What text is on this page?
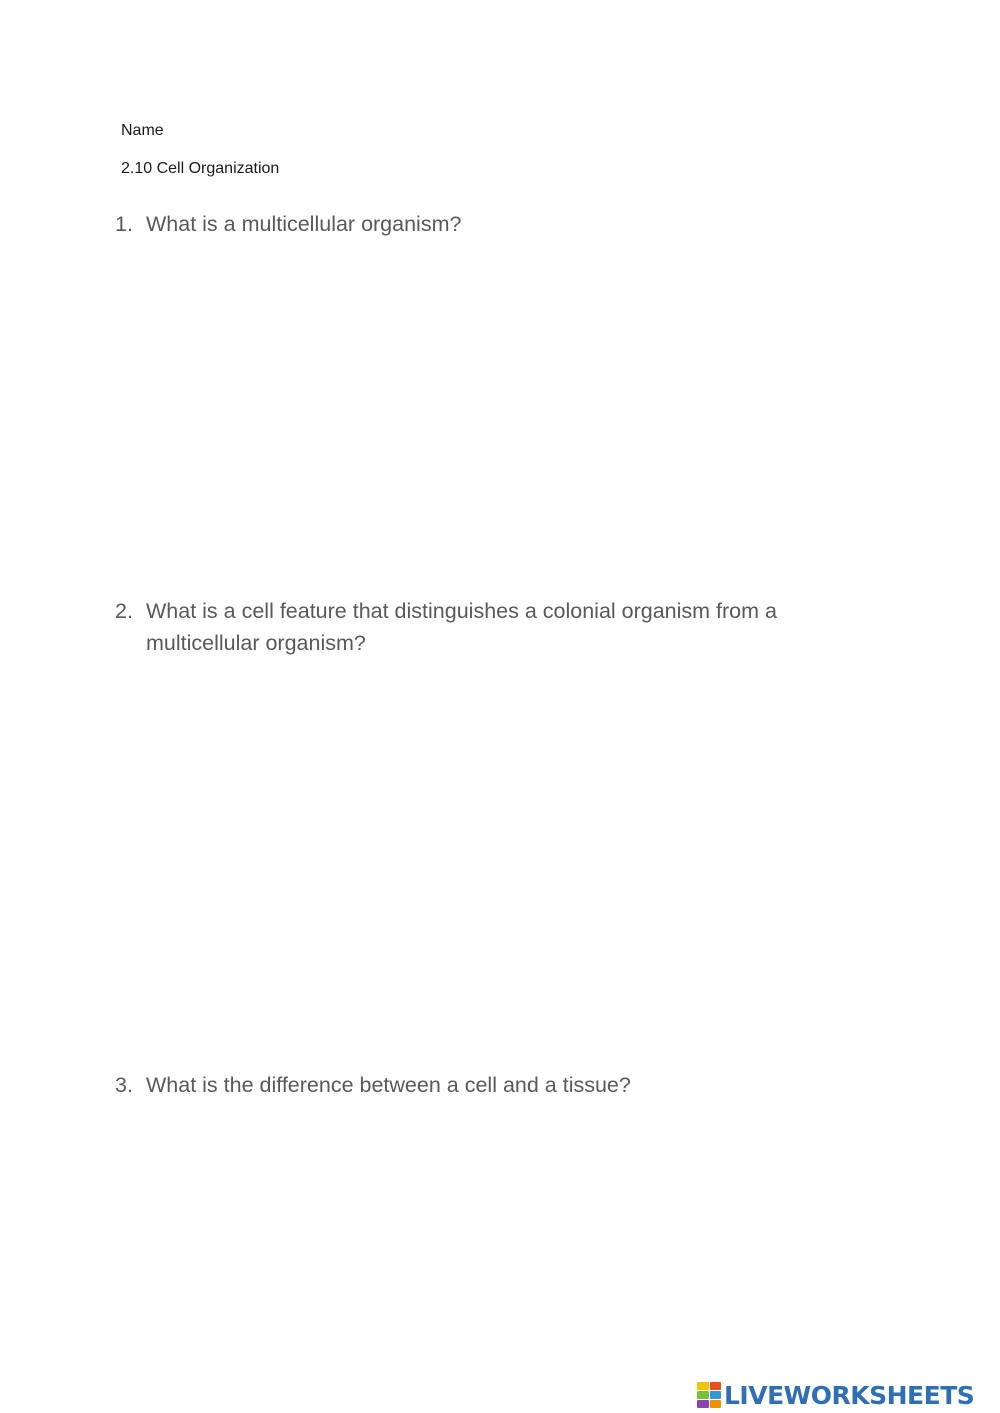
Name
2.10 Cell Organization
1. What is a multicellular organism?
2. What is a cell feature that distinguishes a colonial organism from a multicellular organism?
3. What is the difference between a cell and a tissue?
LIVEWORKSHEETS
